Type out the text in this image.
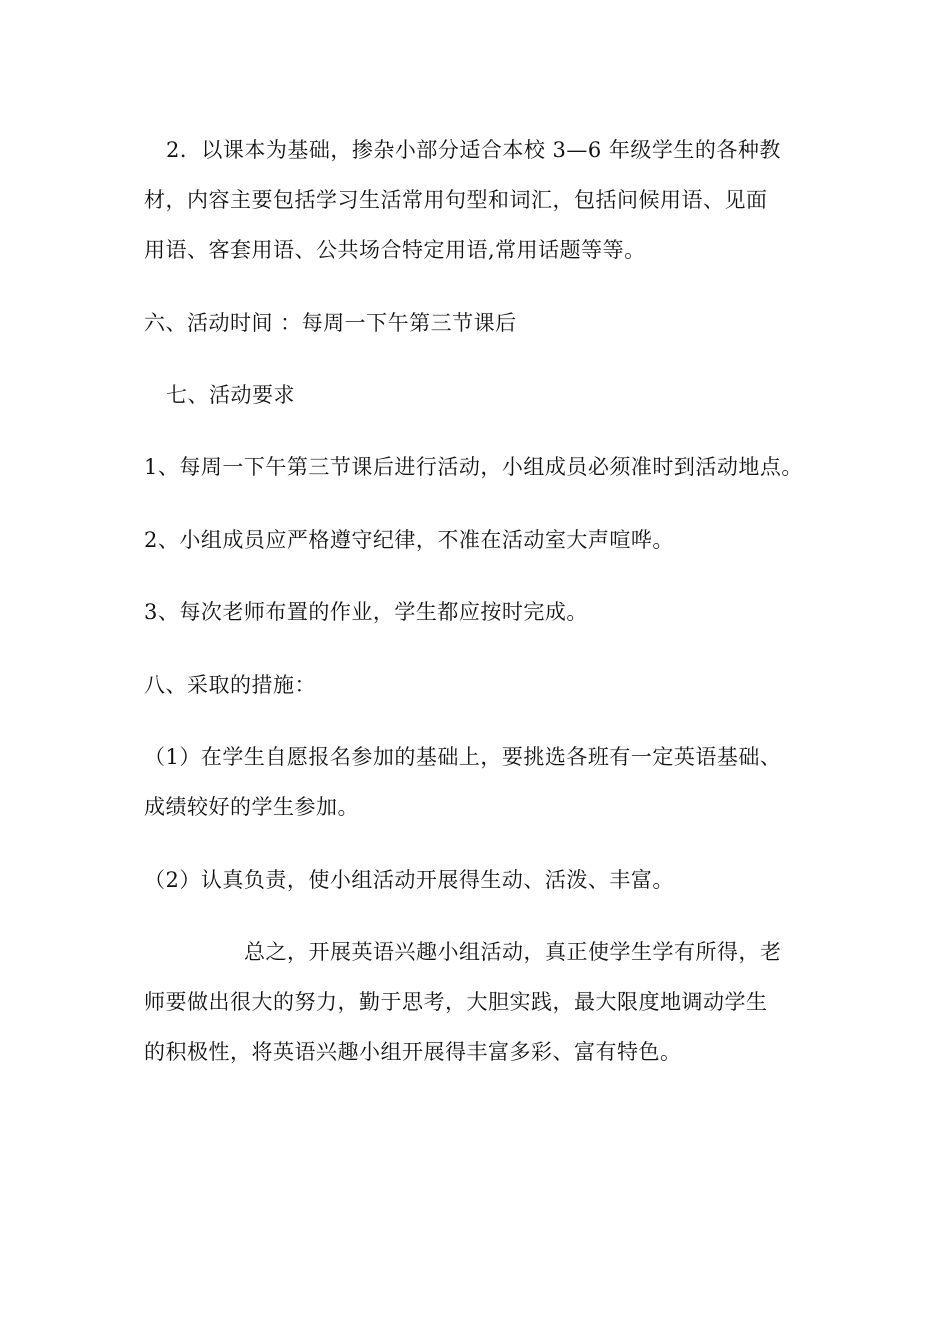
2．以课本为基础，掺杂小部分适合本校 3—6 年级学生的各种教
材，内容主要包括学习生活常用句型和词汇，包括问候用语、见面
用语、客套用语、公共场合特定用语,常用话题等等。
六、活动时间 ：每周一下午第三节课后
七、活动要求
1、每周一下午第三节课后进行活动，小组成员必须准时到活动地点。
2、小组成员应严格遵守纪律，不准在活动室大声喧哗。
3、每次老师布置的作业，学生都应按时完成。
八、采取的措施：
（1）在学生自愿报名参加的基础上，要挑选各班有一定英语基础、
成绩较好的学生参加。
（2）认真负责，使小组活动开展得生动、活泼、丰富。
总之，开展英语兴趣小组活动，真正使学生学有所得，老
师要做出很大的努力，勤于思考，大胆实践，最大限度地调动学生
的积极性，将英语兴趣小组开展得丰富多彩、富有特色。
